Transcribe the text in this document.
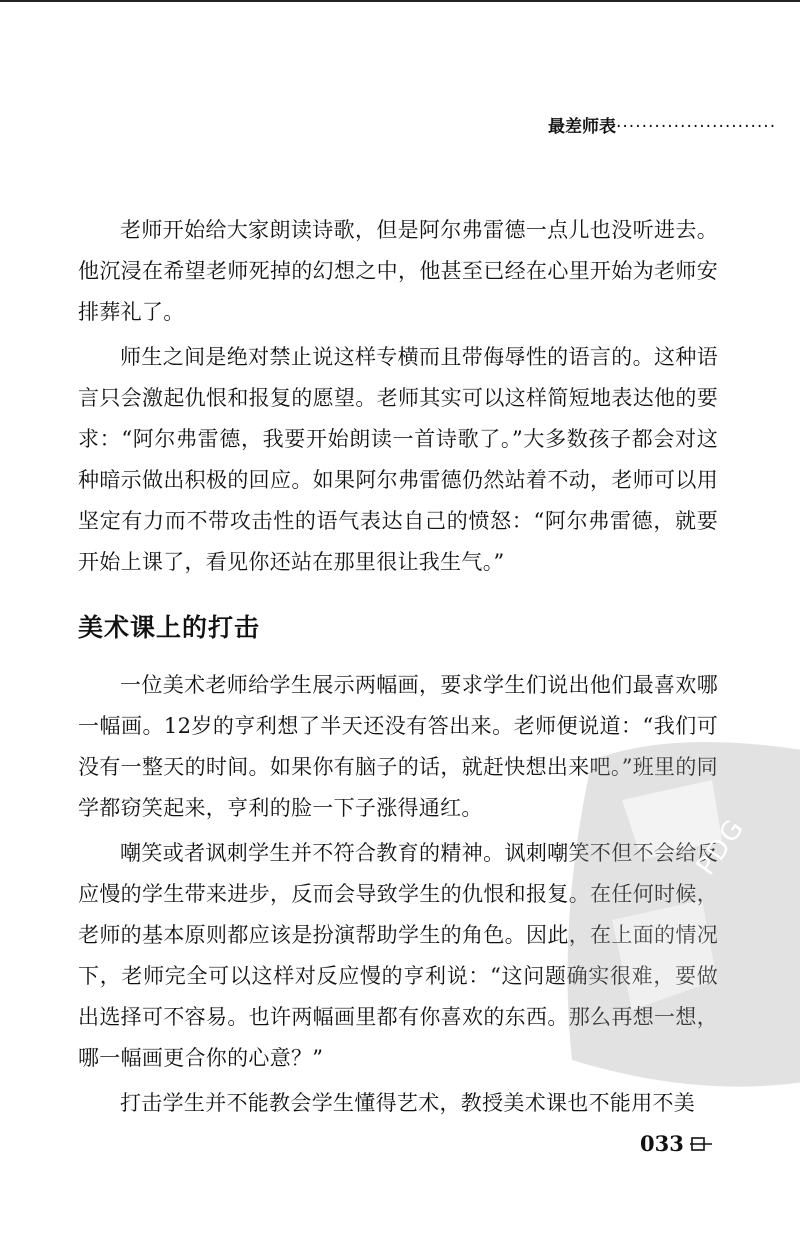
最差师表·························

老师开始给大家朗读诗歌，但是阿尔弗雷德一点儿也没听进去。他沉浸在希望老师死掉的幻想之中，他甚至已经在心里开始为老师安排葬礼了。

师生之间是绝对禁止说这样专横而且带侮辱性的语言的。这种语言只会激起仇恨和报复的愿望。老师其实可以这样简短地表达他的要求：“阿尔弗雷德，我要开始朗读一首诗歌了。”大多数孩子都会对这种暗示做出积极的回应。如果阿尔弗雷德仍然站着不动，老师可以用坚定有力而不带攻击性的语气表达自己的愤怒：“阿尔弗雷德，就要开始上课了，看见你还站在那里很让我生气。”

美术课上的打击

一位美术老师给学生展示两幅画，要求学生们说出他们最喜欢哪一幅画。12岁的亨利想了半天还没有答出来。老师便说道：“我们可没有一整天的时间。如果你有脑子的话，就赶快想出来吧。”班里的同学都窃笑起来，亨利的脸一下子涨得通红。

嘲笑或者讽刺学生并不符合教育的精神。讽刺嘲笑不但不会给反应慢的学生带来进步，反而会导致学生的仇恨和报复。在任何时候，老师的基本原则都应该是扮演帮助学生的角色。因此，在上面的情况下，老师完全可以这样对反应慢的亨利说：“这问题确实很难，要做出选择可不容易。也许两幅画里都有你喜欢的东西。那么再想一想，哪一幅画更合你的心意？”

打击学生并不能教会学生懂得艺术，教授美术课也不能用不美

PDG
033
